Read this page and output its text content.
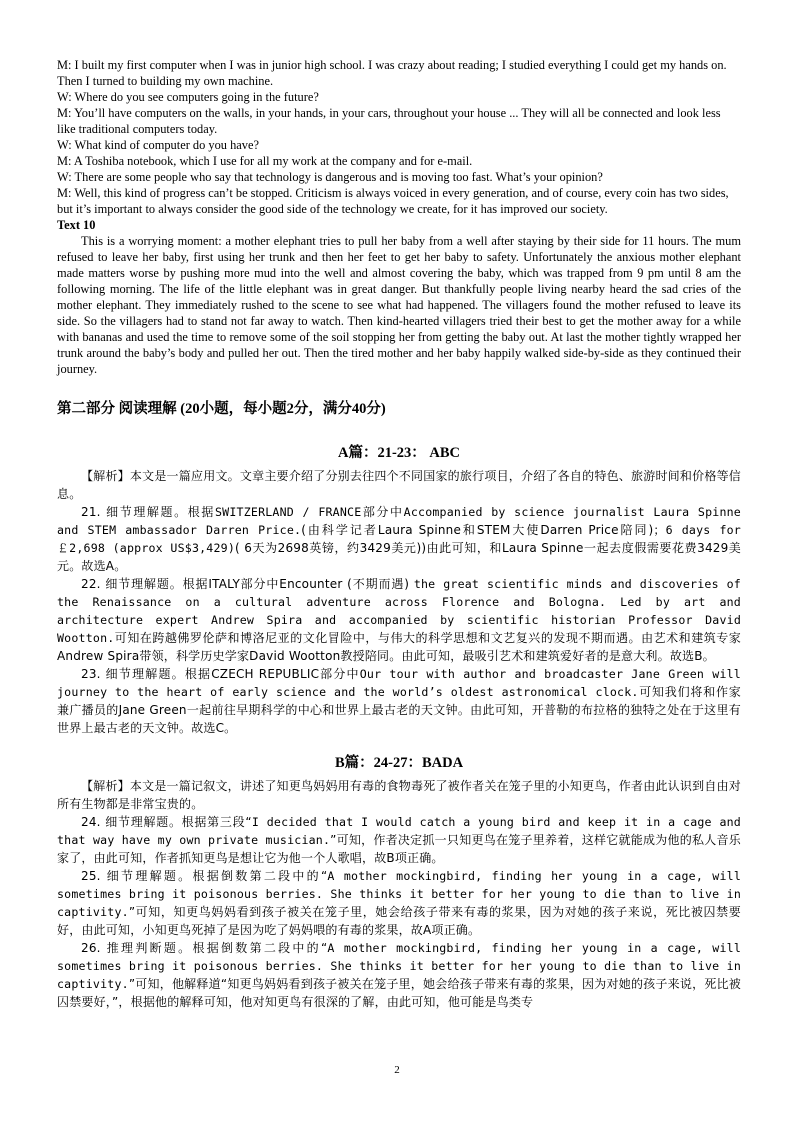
M: I built my first computer when I was in junior high school. I was crazy about reading; I studied everything I could get my hands on. Then I turned to building my own machine.

W: Where do you see computers going in the future?

M: You’ll have computers on the walls, in your hands, in your cars, throughout your house ... They will all be connected and look less like traditional computers today.

W: What kind of computer do you have?

M: A Toshiba notebook, which I use for all my work at the company and for e-mail.

W: There are some people who say that technology is dangerous and is moving too fast. What’s your opinion?

M: Well, this kind of progress can’t be stopped. Criticism is always voiced in every generation, and of course, every coin has two sides, but it’s important to always consider the good side of the technology we create, for it has improved our society.

Text 10

This is a worrying moment: a mother elephant tries to pull her baby from a well after staying by their side for 11 hours. The mum refused to leave her baby, first using her trunk and then her feet to get her baby to safety. Unfortunately the anxious mother elephant made matters worse by pushing more mud into the well and almost covering the baby, which was trapped from 9 pm until 8 am the following morning. The life of the little elephant was in great danger. But thankfully people living nearby heard the sad cries of the mother elephant. They immediately rushed to the scene to see what had happened. The villagers found the mother refused to leave its side. So the villagers had to stand not far away to watch. Then kind-hearted villagers tried their best to get the mother away for a while with bananas and used the time to remove some of the soil stopping her from getting the baby out. At last the mother tightly wrapped her trunk around the baby’s body and pulled her out. Then the tired mother and her baby happily walked side-by-side as they continued their journey.

第二部分 阅读理解 (20小题，每小题2分，满分40分)
A篇：21-23： ABC

【解析】本文是一篇应用文。文章主要介绍了分别去往四个不同国家的旅行项目，介绍了各自的特色、旅游时间和价格等信息。

21. 细节理解题。根据SWITZERLAND / FRANCE部分中Accompanied by science journalist Laura Spinne and STEM ambassador Darren Price.(由科学记者Laura Spinne和STEM大使Darren Price陪同)；6 days for ￡2,698 (approx US$3,429)( 6天为2698英镑，约3429美元))由此可知，和Laura Spinne一起去度假需要花费3429美元。故选A。

22. 细节理解题。根据ITALY部分中Encounter (不期而遇) the great scientific minds and discoveries of the Renaissance on a cultural adventure across Florence and Bologna. Led by art and architecture expert Andrew Spira and accompanied by scientific historian Professor David Wootton.可知在跨越佛罗伦萨和博洛尼亚的文化冒险中，与伟大的科学思想和文艺复兴的发现不期而遇。由艺术和建筑专家Andrew Spira带领，科学历史学家David Wootton教授陪同。由此可知，最吸引艺术和建筑爱好者的是意大利。故选B。

23. 细节理解题。根据CZECH REPUBLIC部分中Our tour with author and broadcaster Jane Green will journey to the heart of early science and the world’s oldest astronomical clock.可知我们将和作家兼广播员的Jane Green一起前往早期科学的中心和世界上最古老的天文钟。由此可知，开普勒的布拉格的独特之处在于这里有世界上最古老的天文钟。故选C。

B篇：24-27：BADA

【解析】本文是一篇记叙文，讲述了知更鸟妈妈用有毒的食物毒死了被作者关在笼子里的小知更鸟，作者由此认识到自由对所有生物都是非常宝贵的。

24. 细节理解题。根据第三段“I decided that I would catch a young bird and keep it in a cage and that way have my own private musician.”可知，作者决定抓一只知更鸟在笼子里养着，这样它就能成为他的私人音乐家了，由此可知，作者抓知更鸟是想让它为他一个人歌唱，故B项正确。

25. 细节理解题。根据倒数第二段中的“A mother mockingbird, finding her young in a cage, will sometimes bring it poisonous berries. She thinks it better for her young to die than to live in captivity.”可知，知更鸟妈妈看到孩子被关在笼子里，她会给孩子带来有毒的浆果，因为对她的孩子来说，死比被囚禁要好，由此可知，小知更鸟死掉了是因为吃了妈妈喂的有毒的浆果，故A项正确。

26. 推理判断题。根据倒数第二段中的“A mother mockingbird, finding her young in a cage, will sometimes bring it poisonous berries. She thinks it better for her young to die than to live in captivity.”可知，他解释道“知更鸟妈妈看到孩子被关在笼子里，她会给孩子带来有毒的浆果，因为对她的孩子来说，死比被囚禁要好，”，根据他的解释可知，他对知更鸟有很深的了解，由此可知，他可能是鸟类专

2
